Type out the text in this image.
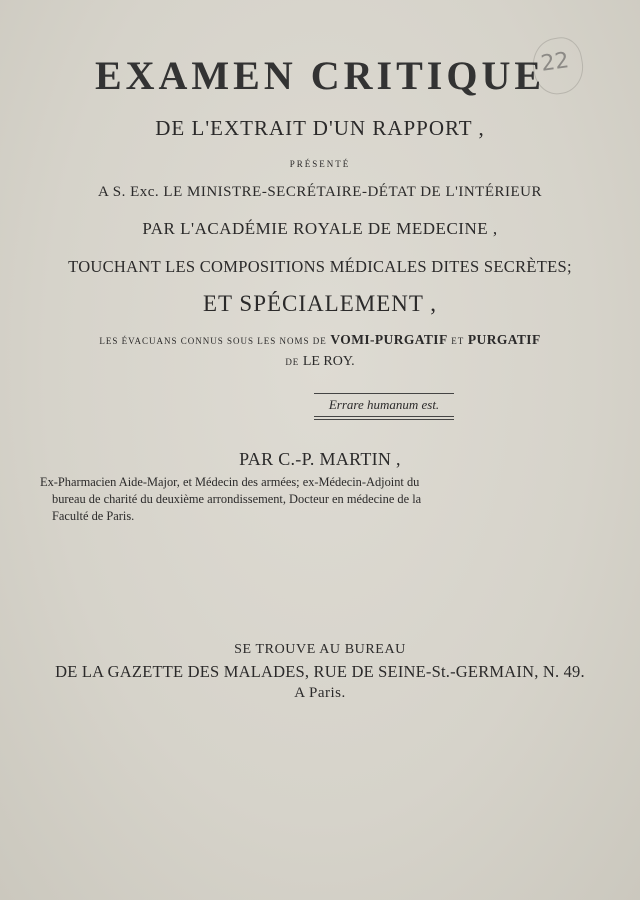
22
EXAMEN CRITIQUE
DE L'EXTRAIT D'UN RAPPORT ,
PRÉSENTÉ
A S. Exc. LE MINISTRE-SECRÉTAIRE-DÉTAT DE L'INTÉRIEUR
PAR L'ACADÉMIE ROYALE DE MEDECINE ,
TOUCHANT LES COMPOSITIONS MÉDICALES DITES SECRÈTES;
ET SPÉCIALEMENT ,
LES ÉVACUANS CONNUS SOUS LES NOMS DE VOMI-PURGATIF ET PURGATIF
DE LE ROY.
Errare humanum est.
PAR C.-P. MARTIN ,
Ex-Pharmacien Aide-Major, et Médecin des armées; ex-Médecin-Adjoint du
bureau de charité du deuxième arrondissement, Docteur en médecine de la
Faculté de Paris.
SE TROUVE AU BUREAU
DE LA GAZETTE DES MALADES, RUE DE SEINE-St.-GERMAIN, N. 49.
A Paris.
